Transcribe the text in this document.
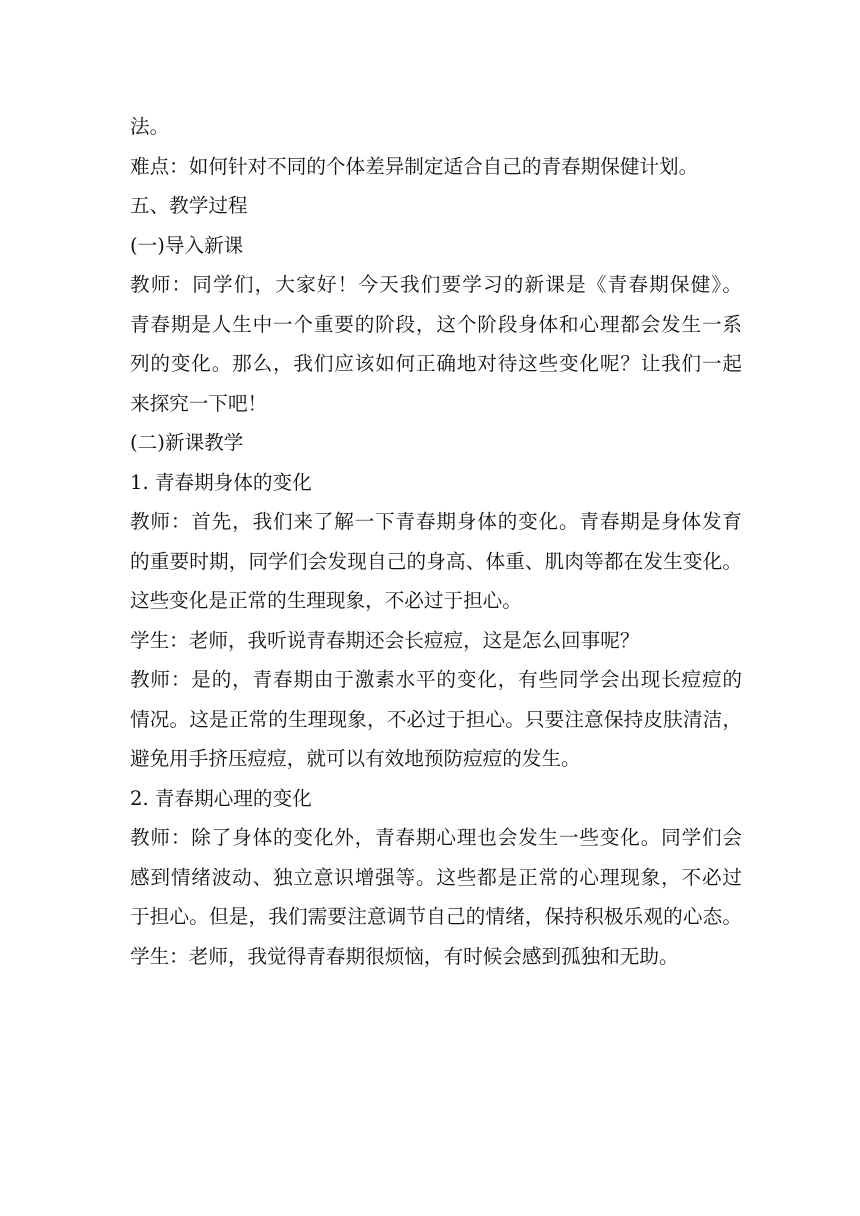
法。
难点：如何针对不同的个体差异制定适合自己的青春期保健计划。
五、教学过程
(一)导入新课
教师：同学们，大家好！今天我们要学习的新课是《青春期保健》。
青春期是人生中一个重要的阶段，这个阶段身体和心理都会发生一系
列的变化。那么，我们应该如何正确地对待这些变化呢？让我们一起
来探究一下吧！
(二)新课教学
1. 青春期身体的变化
教师：首先，我们来了解一下青春期身体的变化。青春期是身体发育
的重要时期，同学们会发现自己的身高、体重、肌肉等都在发生变化。
这些变化是正常的生理现象，不必过于担心。
学生：老师，我听说青春期还会长痘痘，这是怎么回事呢？
教师：是的，青春期由于激素水平的变化，有些同学会出现长痘痘的
情况。这是正常的生理现象，不必过于担心。只要注意保持皮肤清洁，
避免用手挤压痘痘，就可以有效地预防痘痘的发生。
2. 青春期心理的变化
教师：除了身体的变化外，青春期心理也会发生一些变化。同学们会
感到情绪波动、独立意识增强等。这些都是正常的心理现象，不必过
于担心。但是，我们需要注意调节自己的情绪，保持积极乐观的心态。
学生：老师，我觉得青春期很烦恼，有时候会感到孤独和无助。
